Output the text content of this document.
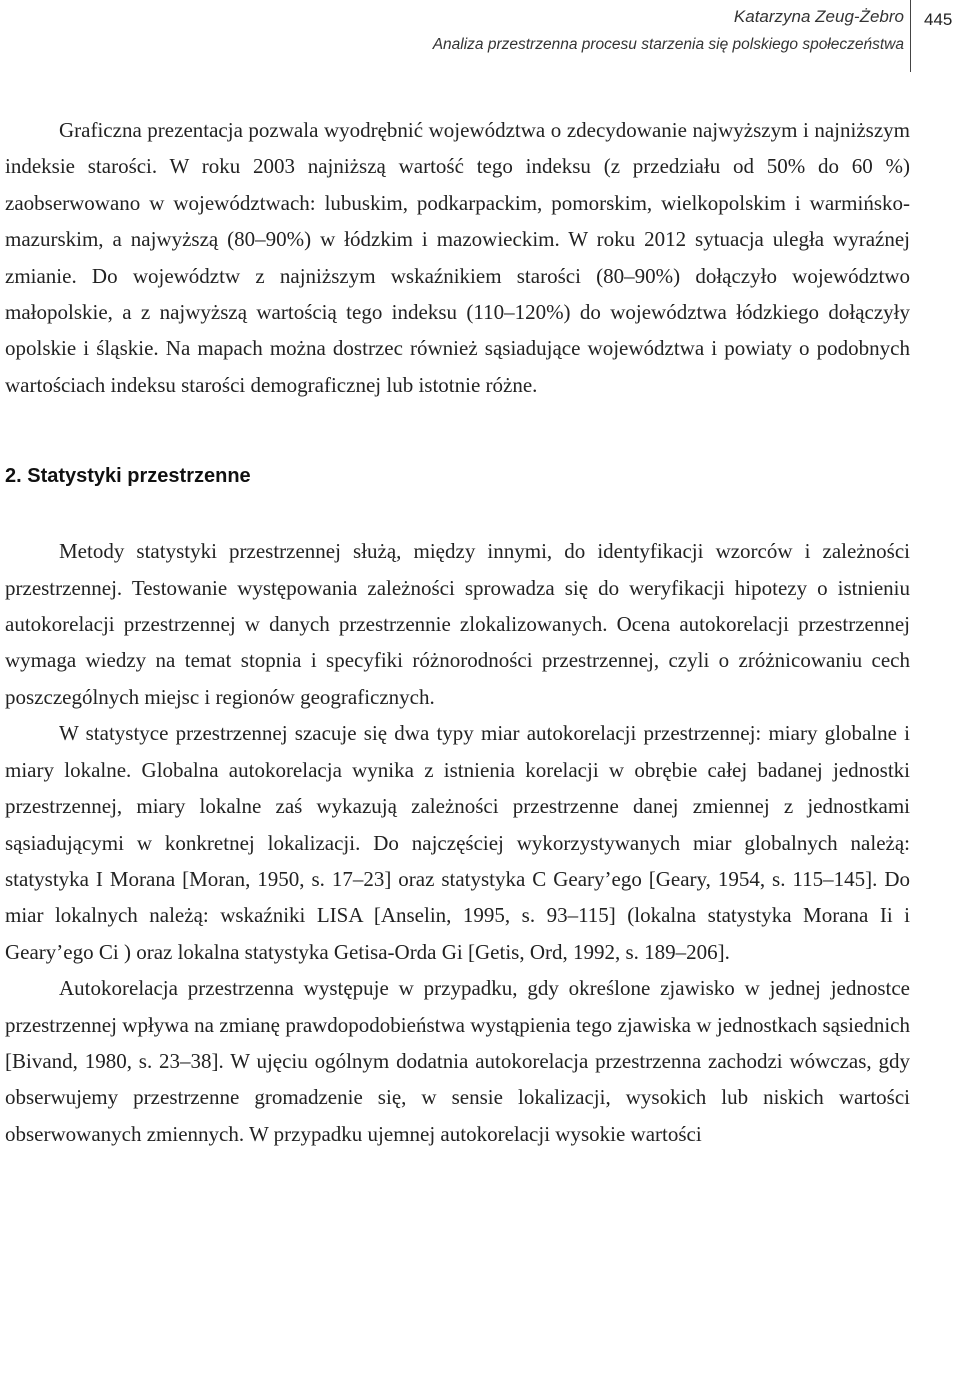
Katarzyna Zeug-Żebro
Analiza przestrzenna procesu starzenia się polskiego społeczeństwa
445

Graficzna prezentacja pozwala wyodrębnić województwa o zdecydowanie najwyższym i najniższym indeksie starości. W roku 2003 najniższą wartość tego indeksu (z przedziału od 50% do 60 %) zaobserwowano w województwach: lubuskim, podkarpackim, pomorskim, wielkopolskim i warmińsko-mazurskim, a najwyższą (80–90%) w łódzkim i mazowieckim. W roku 2012 sytuacja uległa wyraźnej zmianie. Do województw z najniższym wskaźnikiem starości (80–90%) dołączyło województwo małopolskie, a z najwyższą wartością tego indeksu (110–120%) do województwa łódzkiego dołączyły opolskie i śląskie. Na mapach można dostrzec również sąsiadujące województwa i powiaty o podobnych wartościach indeksu starości demograficznej lub istotnie różne.

2. Statystyki przestrzenne

Metody statystyki przestrzennej służą, między innymi, do identyfikacji wzorców i zależności przestrzennej. Testowanie występowania zależności sprowadza się do weryfikacji hipotezy o istnieniu autokorelacji przestrzennej w danych przestrzennie zlokalizowanych. Ocena autokorelacji przestrzennej wymaga wiedzy na temat stopnia i specyfiki różnorodności przestrzennej, czyli o zróżnicowaniu cech poszczególnych miejsc i regionów geograficznych.

W statystyce przestrzennej szacuje się dwa typy miar autokorelacji przestrzennej: miary globalne i miary lokalne. Globalna autokorelacja wynika z istnienia korelacji w obrębie całej badanej jednostki przestrzennej, miary lokalne zaś wykazują zależności przestrzenne danej zmiennej z jednostkami sąsiadującymi w konkretnej lokalizacji. Do najczęściej wykorzystywanych miar globalnych należą: statystyka I Morana [Moran, 1950, s. 17–23] oraz statystyka C Geary’ego [Geary, 1954, s. 115–145]. Do miar lokalnych należą: wskaźniki LISA [Anselin, 1995, s. 93–115] (lokalna statystyka Morana Ii i Geary’ego Ci ) oraz lokalna statystyka Getisa-Orda Gi [Getis, Ord, 1992, s. 189–206].

Autokorelacja przestrzenna występuje w przypadku, gdy określone zjawisko w jednej jednostce przestrzennej wpływa na zmianę prawdopodobieństwa wystąpienia tego zjawiska w jednostkach sąsiednich [Bivand, 1980, s. 23–38]. W ujęciu ogólnym dodatnia autokorelacja przestrzenna zachodzi wówczas, gdy obserwujemy przestrzenne gromadzenie się, w sensie lokalizacji, wysokich lub niskich wartości obserwowanych zmiennych. W przypadku ujemnej autokorelacji wysokie wartości
